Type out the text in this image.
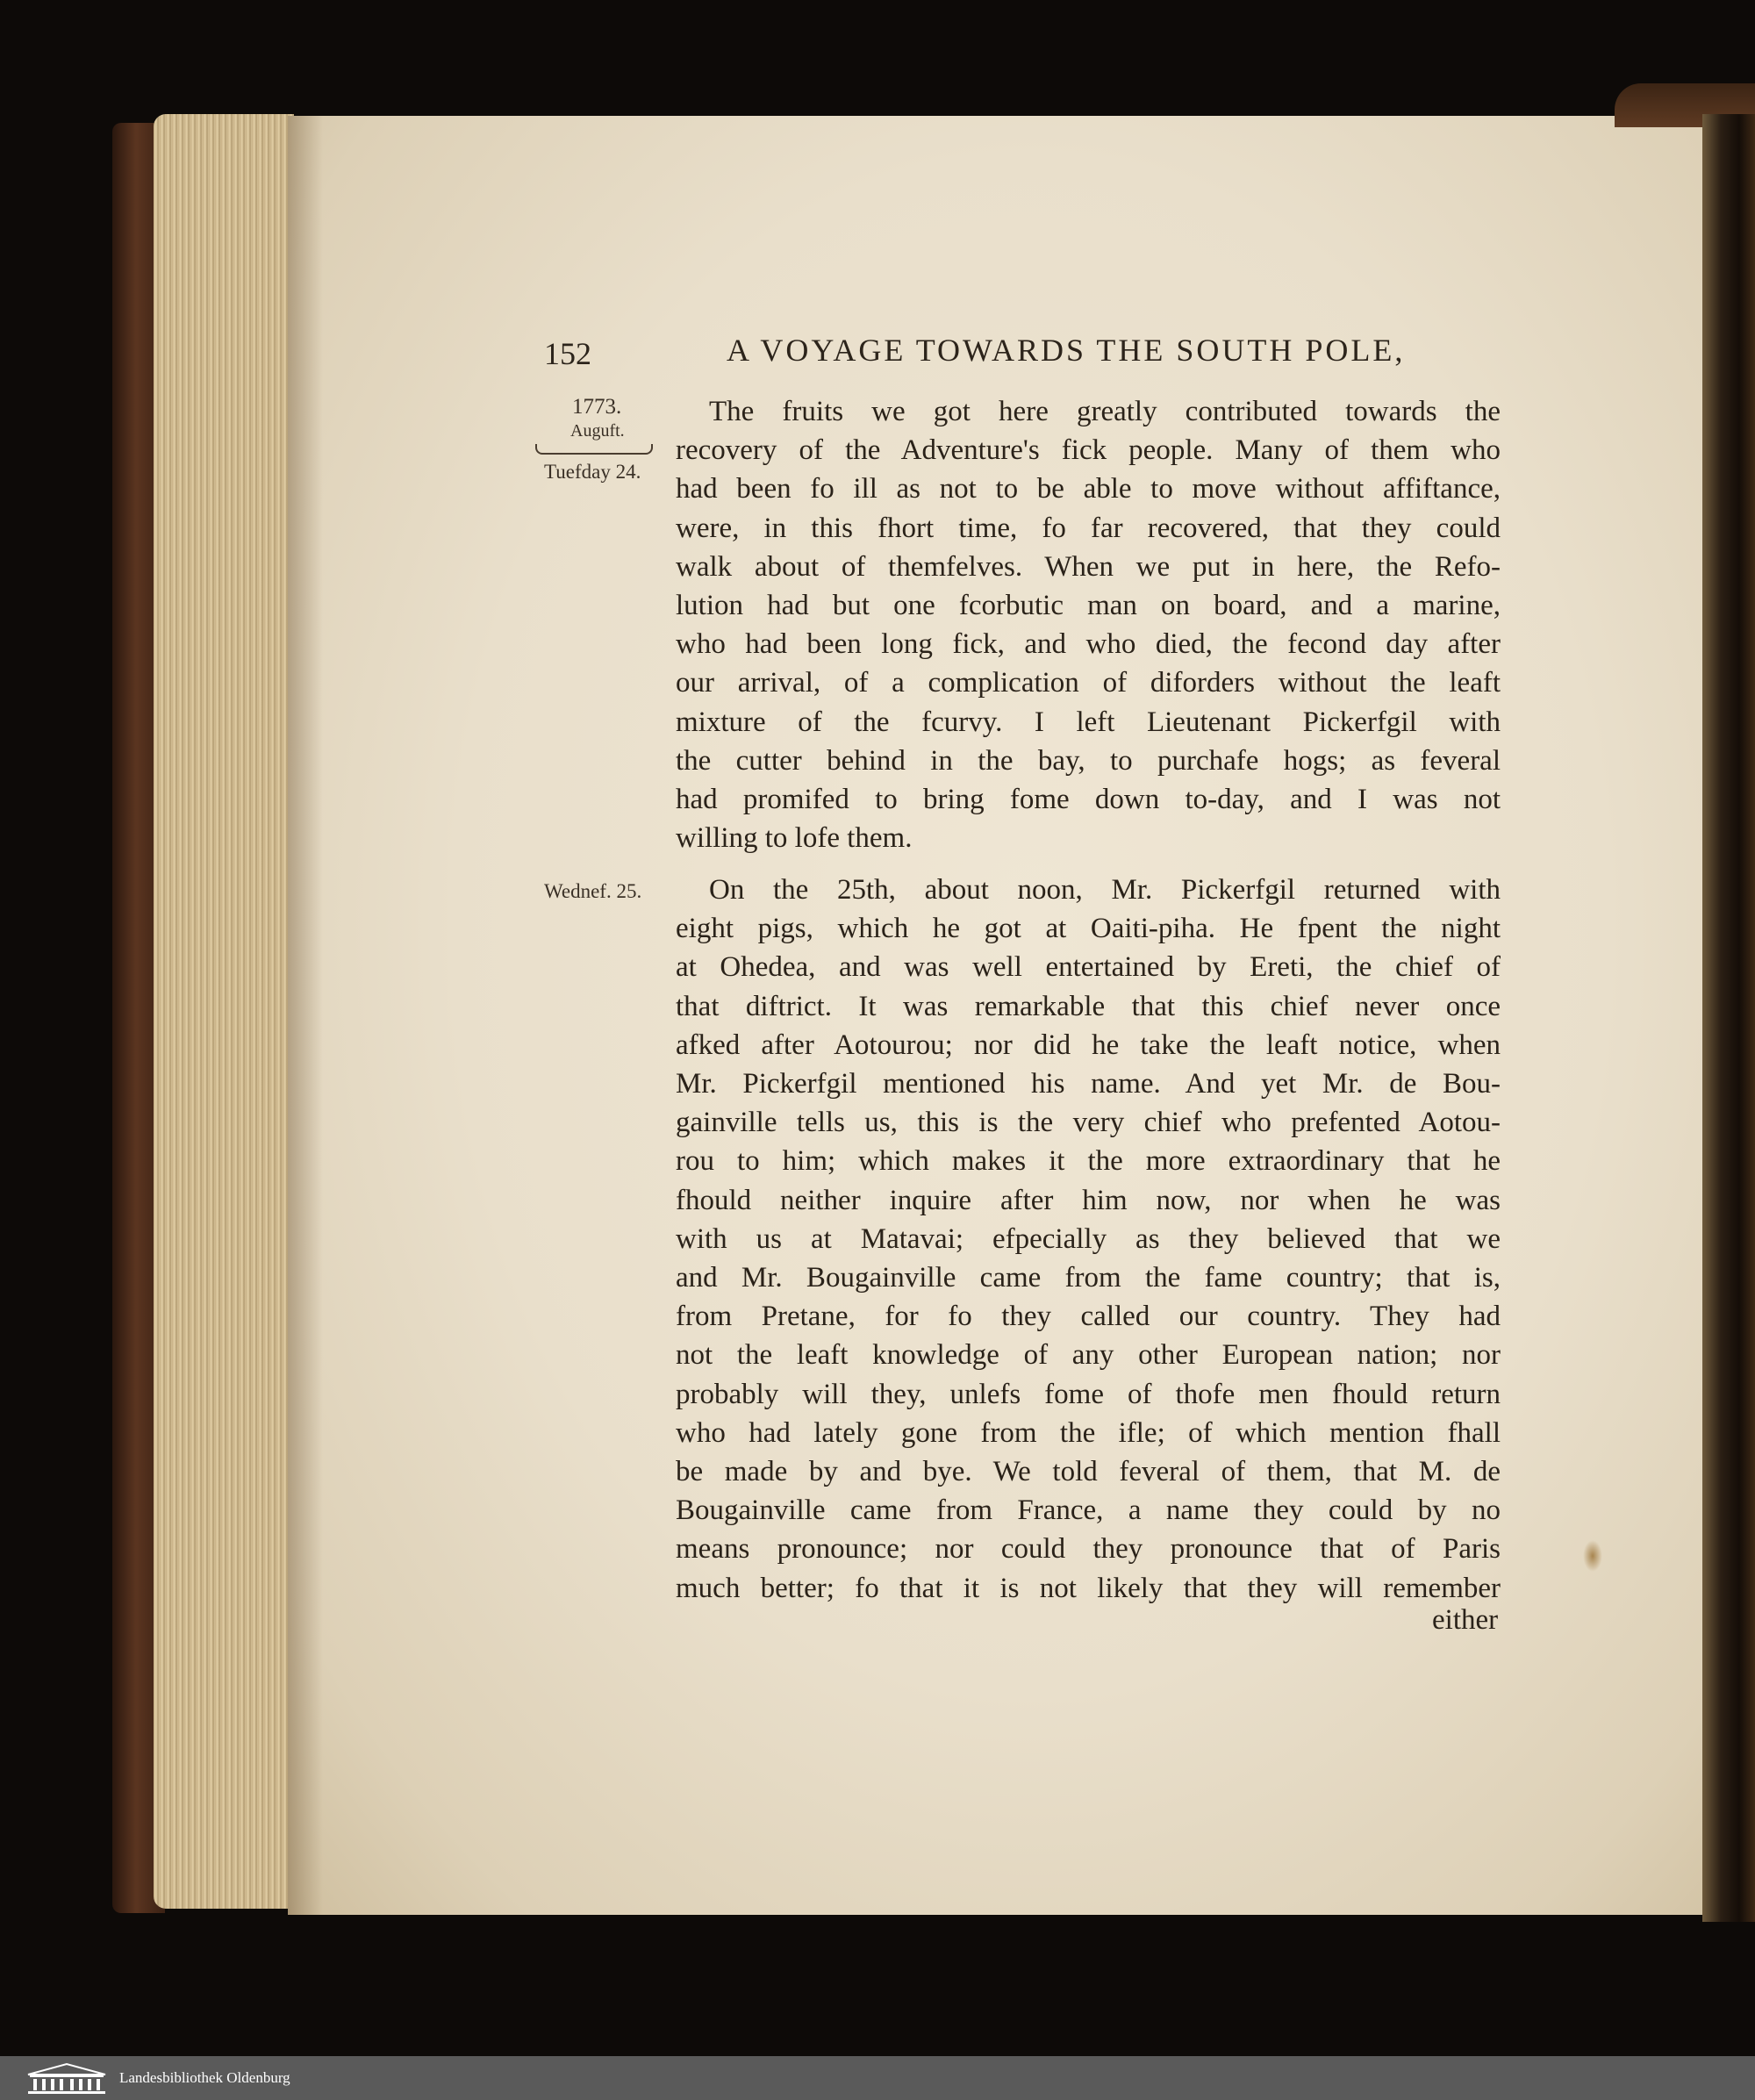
152	A VOYAGE TOWARDS THE SOUTH POLE,
1773.
Auguft.
Tuefday 24.
Wednef. 25.
The fruits we got here greatly contributed towards the
recovery of the Adventure's fick people. Many of them who
had been fo ill as not to be able to move without affiftance,
were, in this fhort time, fo far recovered, that they could
walk about of themfelves. When we put in here, the Refo-
lution had but one fcorbutic man on board, and a marine,
who had been long fick, and who died, the fecond day after
our arrival, of a complication of diforders without the leaft
mixture of the fcurvy. I left Lieutenant Pickerfgil with
the cutter behind in the bay, to purchafe hogs; as feveral
had promifed to bring fome down to-day, and I was not
willing to lofe them.
On the 25th, about noon, Mr. Pickerfgil returned with
eight pigs, which he got at Oaiti-piha. He fpent the night
at Ohedea, and was well entertained by Ereti, the chief of
that diftrict. It was remarkable that this chief never once
afked after Aotourou; nor did he take the leaft notice, when
Mr. Pickerfgil mentioned his name. And yet Mr. de Bou-
gainville tells us, this is the very chief who prefented Aotou-
rou to him; which makes it the more extraordinary that he
fhould neither inquire after him now, nor when he was
with us at Matavai; efpecially as they believed that we
and Mr. Bougainville came from the fame country; that is,
from Pretane, for fo they called our country. They had
not the leaft knowledge of any other European nation; nor
probably will they, unlefs fome of thofe men fhould return
who had lately gone from the ifle; of which mention fhall
be made by and bye. We told feveral of them, that M. de
Bougainville came from France, a name they could by no
means pronounce; nor could they pronounce that of Paris
much better; fo that it is not likely that they will remember
either
Landesbibliothek Oldenburg
